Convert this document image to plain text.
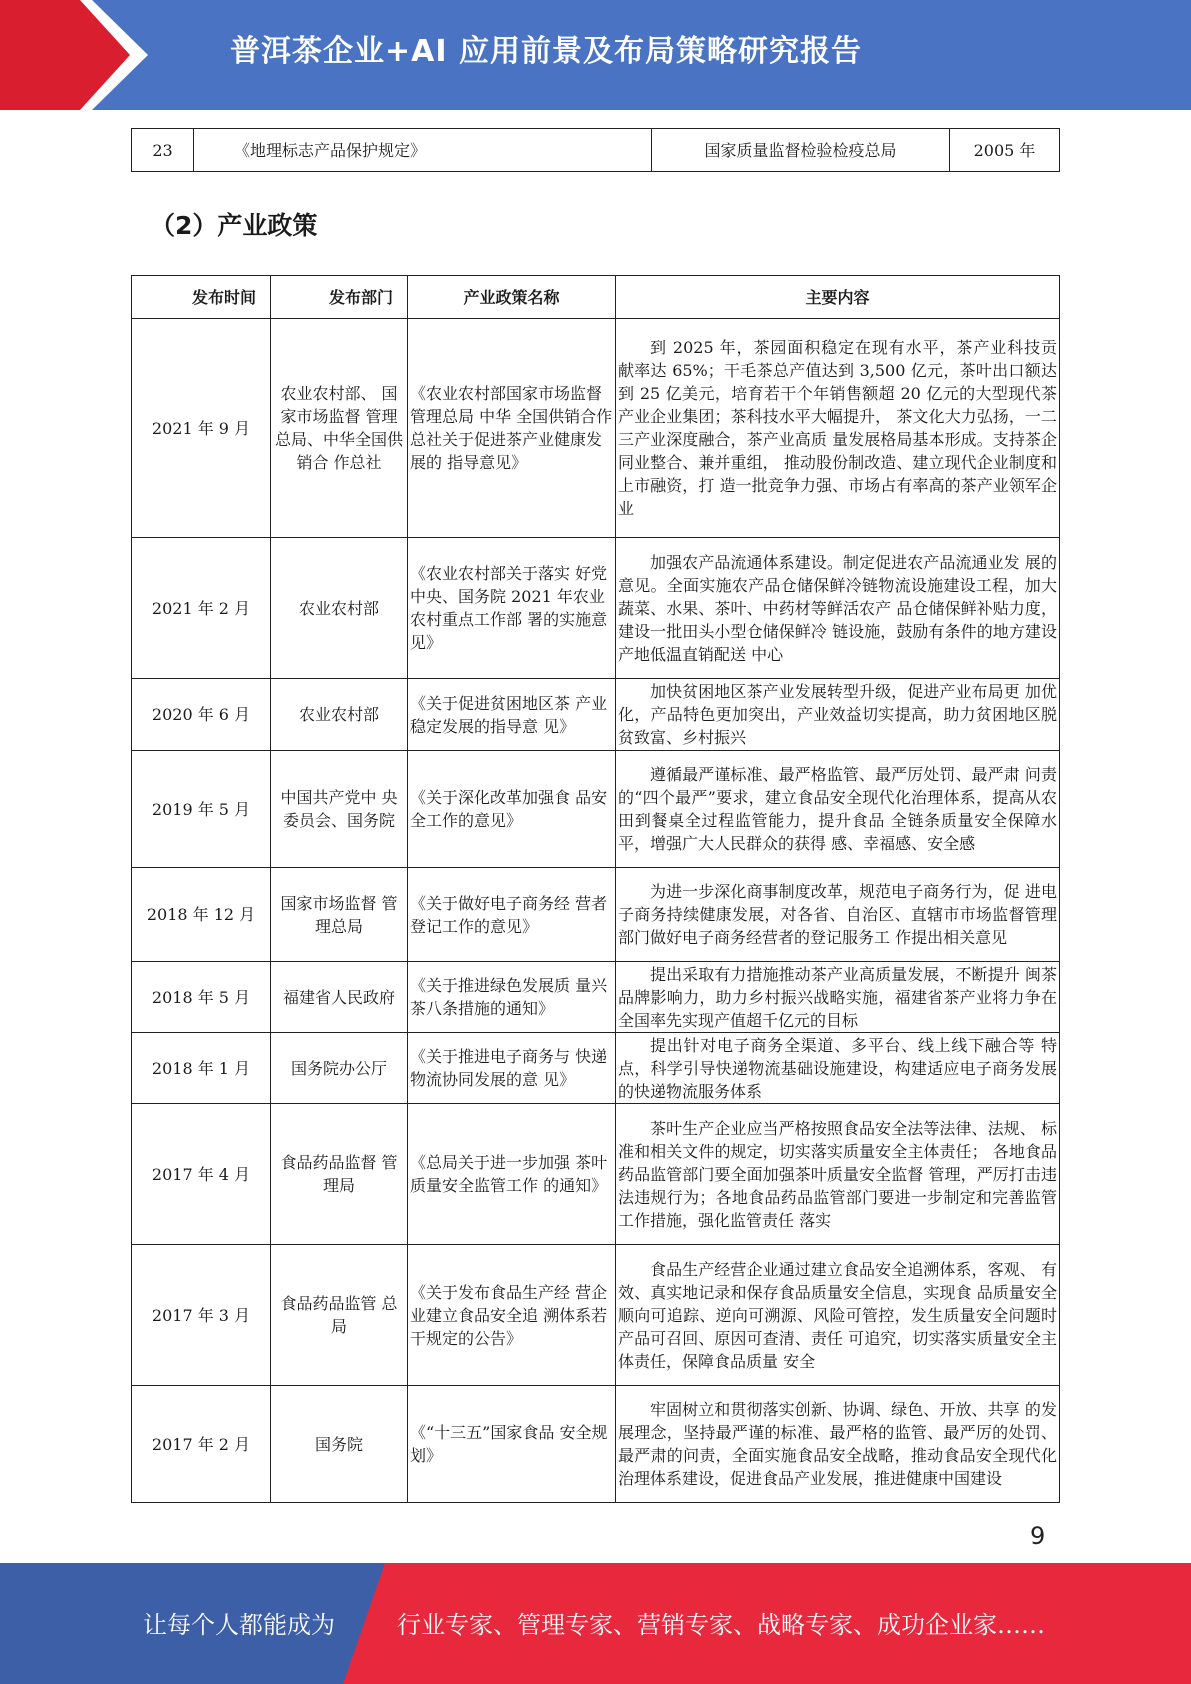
普洱茶企业+AI 应用前景及布局策略研究报告
23	《地理标志产品保护规定》	国家质量监督检验检疫总局	2005 年
（2）产业政策
发布时间	发布部门	产业政策名称	主要内容
2021 年 9 月	农业农村部、 国家市场监督 管理总局、中华全国供销合 作总社	《农业农村部国家市场监督管理总局 中华 全国供销合作总社关于促进茶产业健康发展的 指导意见》	到 2025 年，茶园面积稳定在现有水平，茶产业科技贡 献率达 65%；干毛茶总产值达到 3,500 亿元，茶叶出口额达到 25 亿美元，培育若干个年销售额超 20 亿元的大型现代茶产业企业集团；茶科技水平大幅提升， 茶文化大力弘扬，一二三产业深度融合，茶产业高质 量发展格局基本形成。支持茶企同业整合、兼并重组， 推动股份制改造、建立现代企业制度和上市融资，打 造一批竞争力强、市场占有率高的茶产业领军企业
2021 年 2 月	农业农村部	《农业农村部关于落实 好党中央、国务院 2021 年农业农村重点工作部 署的实施意见》	加强农产品流通体系建设。制定促进农产品流通业发 展的意见。全面实施农产品仓储保鲜冷链物流设施建设工程，加大蔬菜、水果、茶叶、中药材等鲜活农产 品仓储保鲜补贴力度，建设一批田头小型仓储保鲜冷 链设施，鼓励有条件的地方建设产地低温直销配送 中心
2020 年 6 月	农业农村部	《关于促进贫困地区茶 产业稳定发展的指导意 见》	加快贫困地区茶产业发展转型升级，促进产业布局更 加优化，产品特色更加突出，产业效益切实提高，助力贫困地区脱贫致富、乡村振兴
2019 年 5 月	中国共产党中 央委员会、国务院	《关于深化改革加强食 品安全工作的意见》	遵循最严谨标准、最严格监管、最严厉处罚、最严肃 问责的“四个最严”要求，建立食品安全现代化治理体系，提高从农田到餐桌全过程监管能力，提升食品 全链条质量安全保障水平，增强广大人民群众的获得 感、幸福感、安全感
2018 年 12 月	国家市场监督 管理总局	《关于做好电子商务经 营者登记工作的意见》	为进一步深化商事制度改革，规范电子商务行为，促 进电子商务持续健康发展，对各省、自治区、直辖市市场监督管理部门做好电子商务经营者的登记服务工 作提出相关意见
2018 年 5 月	福建省人民政府	《关于推进绿色发展质 量兴茶八条措施的通知》	提出采取有力措施推动茶产业高质量发展，不断提升 闽茶品牌影响力，助力乡村振兴战略实施，福建省茶产业将力争在全国率先实现产值超千亿元的目标
2018 年 1 月	国务院办公厅	《关于推进电子商务与 快递物流协同发展的意 见》	提出针对电子商务全渠道、多平台、线上线下融合等 特点，科学引导快递物流基础设施建设，构建适应电子商务发展的快递物流服务体系
2017 年 4 月	食品药品监督 管理局	《总局关于进一步加强 茶叶质量安全监管工作 的通知》	茶叶生产企业应当严格按照食品安全法等法律、法规、 标准和相关文件的规定，切实落实质量安全主体责任； 各地食品药品监管部门要全面加强茶叶质量安全监督 管理，严厉打击违法违规行为；各地食品药品监管部门要进一步制定和完善监管工作措施，强化监管责任 落实
2017 年 3 月	食品药品监管 总局	《关于发布食品生产经 营企业建立食品安全追 溯体系若干规定的公告》	食品生产经营企业通过建立食品安全追溯体系，客观、 有效、真实地记录和保存食品质量安全信息，实现食 品质量安全顺向可追踪、逆向可溯源、风险可管控，发生质量安全问题时产品可召回、原因可查清、责任 可追究，切实落实质量安全主体责任，保障食品质量 安全
2017 年 2 月	国务院	《“十三五”国家食品 安全规划》	牢固树立和贯彻落实创新、协调、绿色、开放、共享 的发展理念，坚持最严谨的标准、最严格的监管、最严厉的处罚、最严肃的问责，全面实施食品安全战略，推动食品安全现代化治理体系建设，促进食品产业发展，推进健康中国建设
9
让每个人都能成为	行业专家、管理专家、营销专家、战略专家、成功企业家……
